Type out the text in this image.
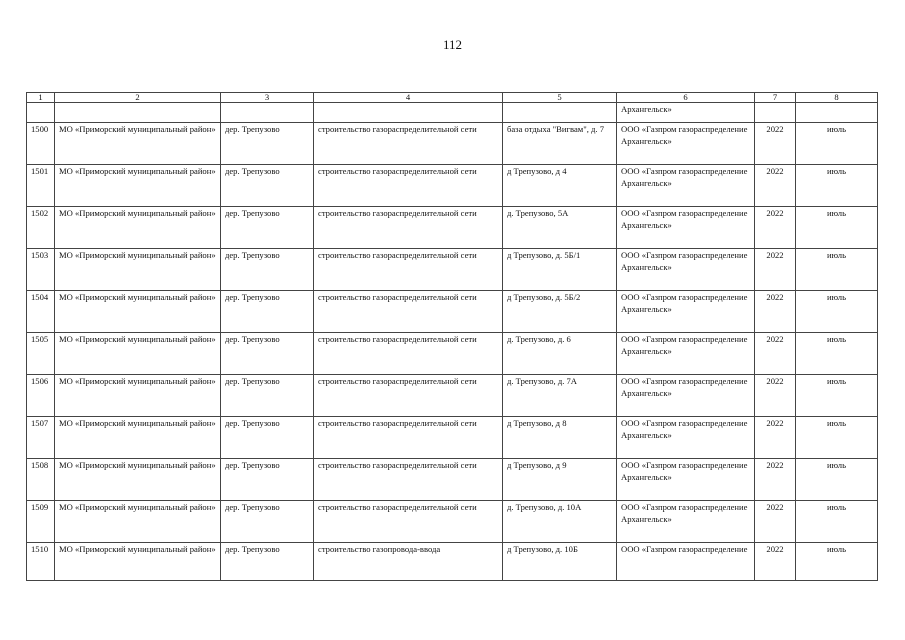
112
1	2	3	4	5	6	7	8
					Архангельск»		
1500	МО «Приморский муниципальный район»	дер. Трепузово	строительство газораспределительной сети	база отдыха "Вигвам", д. 7	ООО «Газпром газораспределение Архангельск»	2022	июль
1501	МО «Приморский муниципальный район»	дер. Трепузово	строительство газораспределительной сети	д Трепузово, д 4	ООО «Газпром газораспределение Архангельск»	2022	июль
1502	МО «Приморский муниципальный район»	дер. Трепузово	строительство газораспределительной сети	д. Трепузово, 5А	ООО «Газпром газораспределение Архангельск»	2022	июль
1503	МО «Приморский муниципальный район»	дер. Трепузово	строительство газораспределительной сети	д Трепузово, д. 5Б/1	ООО «Газпром газораспределение Архангельск»	2022	июль
1504	МО «Приморский муниципальный район»	дер. Трепузово	строительство газораспределительной сети	д Трепузово, д. 5Б/2	ООО «Газпром газораспределение Архангельск»	2022	июль
1505	МО «Приморский муниципальный район»	дер. Трепузово	строительство газораспределительной сети	д. Трепузово, д. 6	ООО «Газпром газораспределение Архангельск»	2022	июль
1506	МО «Приморский муниципальный район»	дер. Трепузово	строительство газораспределительной сети	д. Трепузово, д. 7А	ООО «Газпром газораспределение Архангельск»	2022	июль
1507	МО «Приморский муниципальный район»	дер. Трепузово	строительство газораспределительной сети	д Трепузово, д 8	ООО «Газпром газораспределение Архангельск»	2022	июль
1508	МО «Приморский муниципальный район»	дер. Трепузово	строительство газораспределительной сети	д Трепузово, д 9	ООО «Газпром газораспределение Архангельск»	2022	июль
1509	МО «Приморский муниципальный район»	дер. Трепузово	строительство газораспределительной сети	д. Трепузово, д. 10А	ООО «Газпром газораспределение Архангельск»	2022	июль
1510	МО «Приморский муниципальный район»	дер. Трепузово	строительство газопровода-ввода	д Трепузово, д. 10Б	ООО «Газпром газораспределение	2022	июль
